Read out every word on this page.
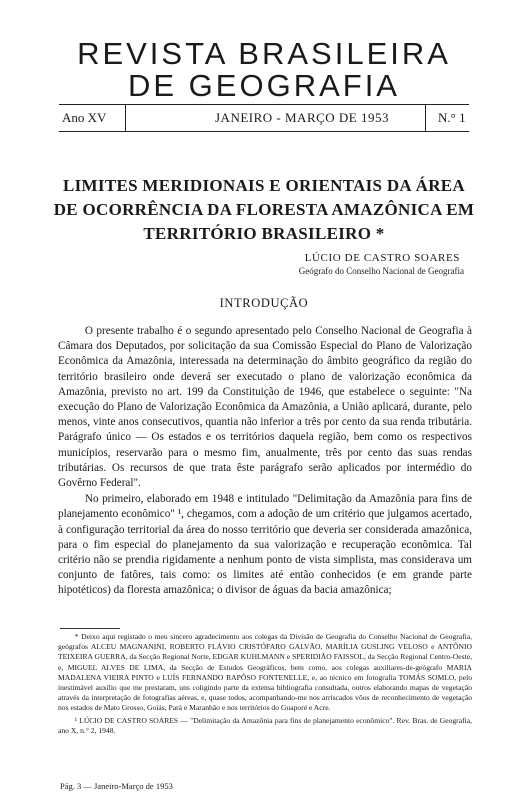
REVISTA BRASILEIRA
DE GEOGRAFIA
Ano XV	JANEIRO - MARÇO DE 1953	N.° 1
LIMITES MERIDIONAIS E ORIENTAIS DA ÁREA
DE OCORRÊNCIA DA FLORESTA AMAZÔNICA EM
TERRITÓRIO BRASILEIRO *
LÚCIO DE CASTRO SOARES
Geógrafo do Conselho Nacional de Geografia
INTRODUÇÃO

O presente trabalho é o segundo apresentado pelo Conselho Nacional de Geografia à Câmara dos Deputados, por solicitação da sua Comissão Especial do Plano de Valorização Econômica da Amazônia, interessada na determinação do âmbito geográfico da região do território brasileiro onde deverá ser executado o plano de valorização econômica da Amazônia, previsto no art. 199 da Constituição de 1946, que estabelece o seguinte: "Na execução do Plano de Valorização Econômica da Amazônia, a União aplicará, durante, pelo menos, vinte anos consecutivos, quantia não inferior a três por cento da sua renda tributária. Parágrafo único — Os estados e os territórios daquela região, bem como os respectivos municípios, reservarão para o mesmo fim, anualmente, três por cento das suas rendas tributárias. Os recursos de que trata êste parágrafo serão aplicados por intermédio do Govêrno Federal".

No primeiro, elaborado em 1948 e intitulado "Delimitação da Amazônia para fins de planejamento econômico" ¹, chegamos, com a adoção de um critério que julgamos acertado, à configuração territorial da área do nosso território que deveria ser considerada amazônica, para o fim especial do planejamento da sua valorização e recuperação econômica. Tal critério não se prendia rigidamente a nenhum ponto de vista simplista, mas considerava um conjunto de fatôres, tais como: os limites até então conhecidos (e em grande parte hipotéticos) da floresta amazônica; o divisor de águas da bacia amazônica;

* Deixo aqui registado o meu sincero agradecimento aos colegas da Divisão de Geografia do Conselho Nacional de Geografia, geógrafos ALCEU MAGNANINI, ROBERTO FLÁVIO CRISTÓFARO GALVÃO, MARÍLIA GUSLING VELOSO e ANTÔNIO TEIXEIRA GUERRA, da Secção Regional Norte, EDGAR KUHLMANN e SPERIDIÃO FAISSOL, da Secção Regional Centro-Oeste, e, MIGUEL ALVES DE LIMA, da Secção de Estudos Geográficos, bem como, aos colegas auxiliares-de-geógrafo MARIA MADALENA VIEIRA PINTO e LUÍS FERNANDO RAPÔSO FONTENELLE, e, ao técnico em fotografia TOMÁS SOMLO, pelo inestimável auxílio que me prestaram, uns coligindo parte da extensa bibliografia consultada, outros elaborando mapas de vegetação através da interpretação de fotografias aéreas, e, quase todos, acompanhando-me nos arriscados vôos de reconhecimento de vegetação nos estados de Mato Grosso, Goiás, Pará e Maranhão e nos territórios do Guaporé e Acre.

¹ LÚCIO DE CASTRO SOARES — "Delimitação da Amazônia para fins de planejamento econômico". Rev. Bras. de Geografia, ano X, n.° 2, 1948.

Pág. 3 — Janeiro-Março de 1953
